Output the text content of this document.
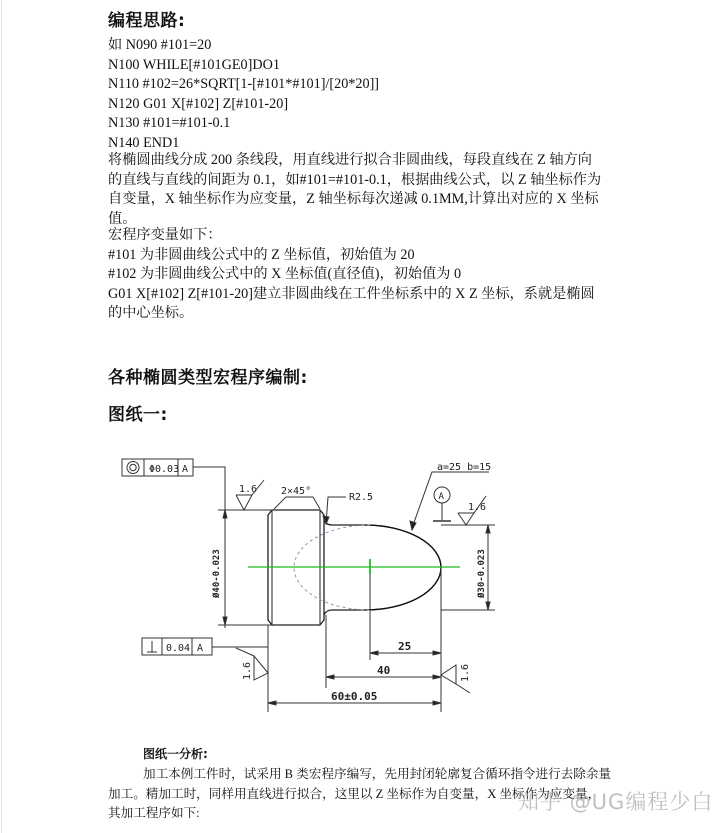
编程思路:
如 N090 #101=20
N100 WHILE[#101GE0]DO1
N110 #102=26*SQRT[1-[#101*#101]/[20*20]]
N120 G01 X[#102] Z[#101-20]
N130 #101=#101-0.1
N140 END1
将椭圆曲线分成 200 条线段，用直线进行拟合非圆曲线，每段直线在 Z 轴方向
的直线与直线的间距为 0.1，如#101=#101-0.1，根据曲线公式，以 Z 轴坐标作为
自变量，X 轴坐标作为应变量，Z 轴坐标每次递减 0.1MM,计算出对应的 X 坐标
值。
宏程序变量如下：
#101 为非圆曲线公式中的 Z 坐标值，初始值为 20
#102 为非圆曲线公式中的 X 坐标值(直径值)，初始值为 0
G01 X[#102] Z[#101-20]建立非圆曲线在工件坐标系中的 X Z 坐标，系就是椭圆
的中心坐标。
各种椭圆类型宏程序编制:
图纸一:
Φ0.03 A
1.6 2×45°
R2.5
a=25 b=15
A
1.6
0.04 A	25
40
60±0.05
Ø40-0.023	Ø30-0.023
1.6	1.6
图纸一分析:
加工本例工件时，试采用 B 类宏程序编写，先用封闭轮廓复合循环指令进行去除余量
加工。精加工时，同样用直线进行拟合，这里以 Z 坐标作为自变量，X 坐标作为应变量，
其加工程序如下:	知乎 @UG编程少白
